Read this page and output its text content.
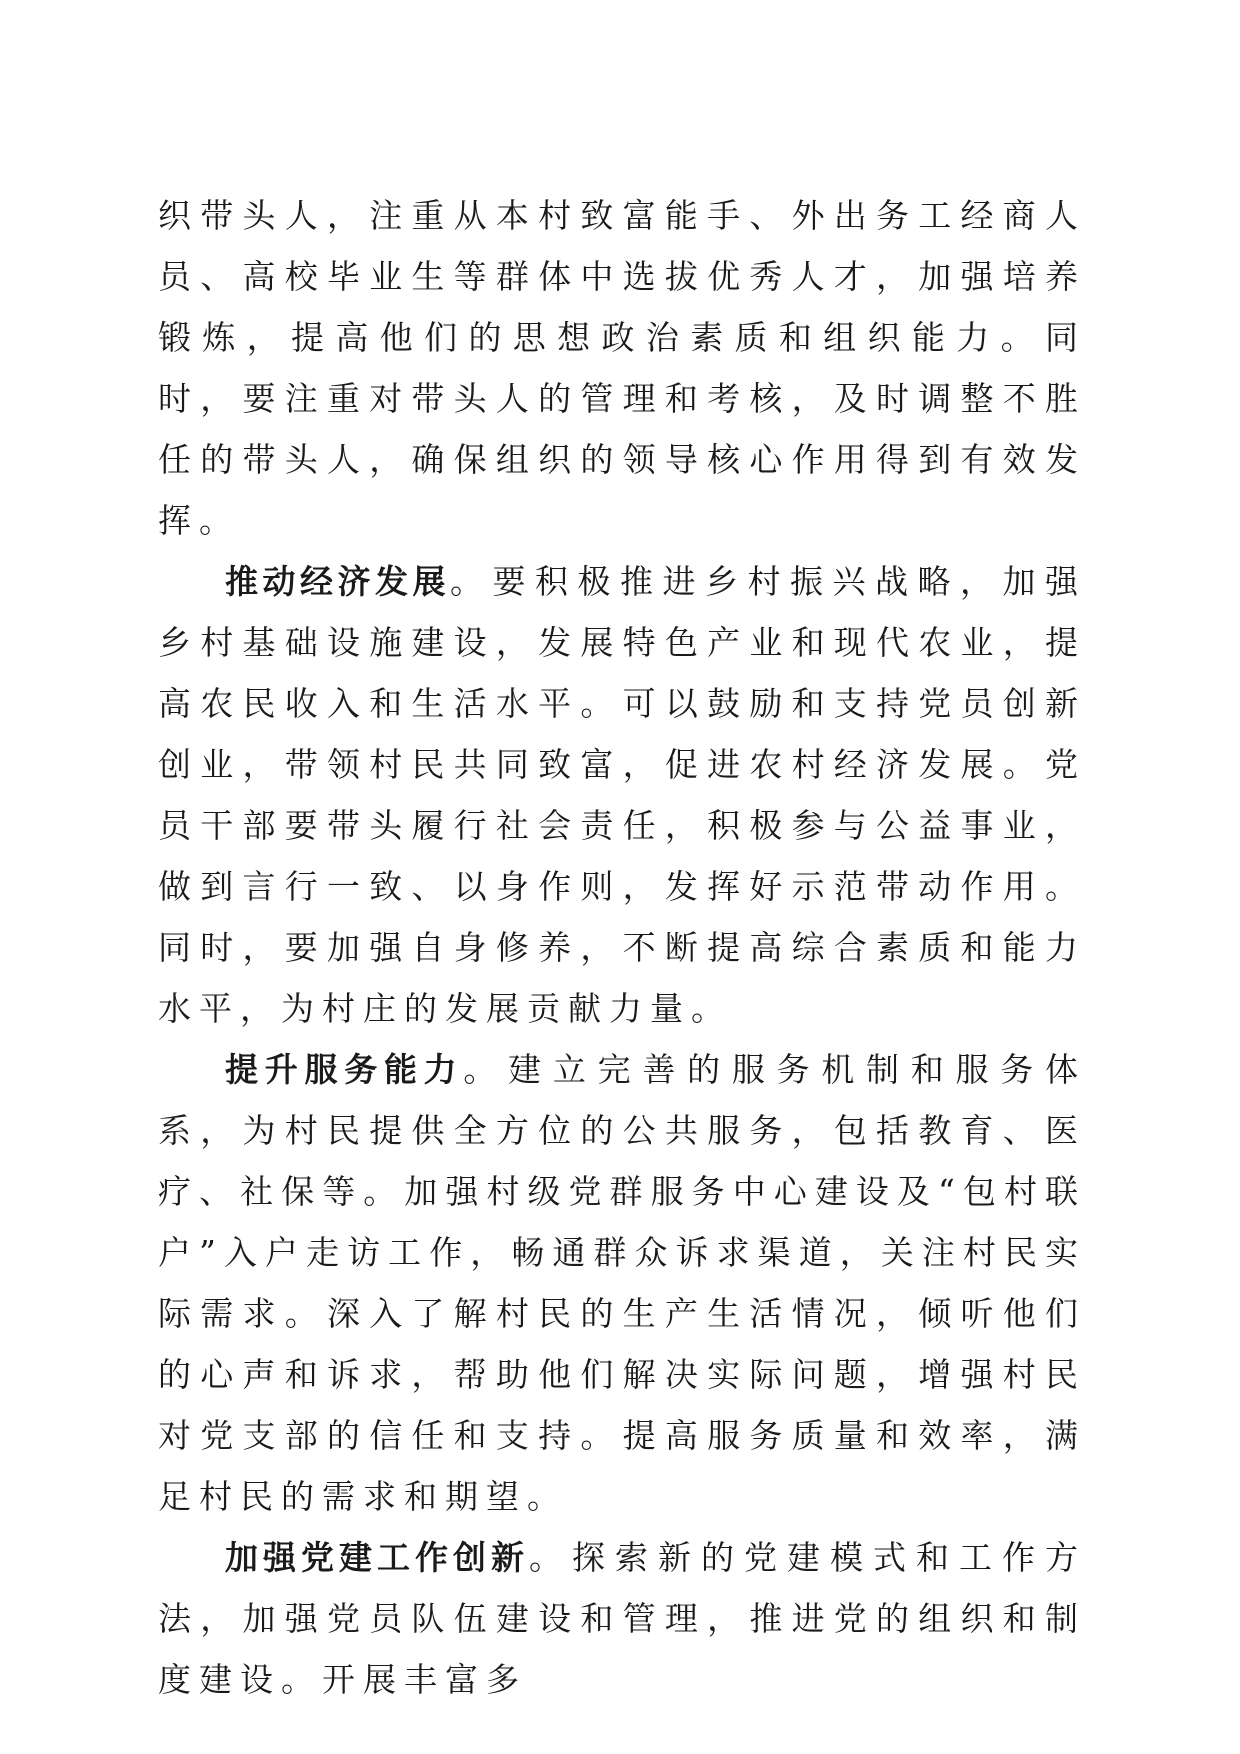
织带头人，注重从本村致富能手、外出务工经商人员、高校毕业生等群体中选拔优秀人才，加强培养锻炼，提高他们的思想政治素质和组织能力。同时，要注重对带头人的管理和考核，及时调整不胜任的带头人，确保组织的领导核心作用得到有效发挥。

推动经济发展。要积极推进乡村振兴战略，加强乡村基础设施建设，发展特色产业和现代农业，提高农民收入和生活水平。可以鼓励和支持党员创新创业，带领村民共同致富，促进农村经济发展。党员干部要带头履行社会责任，积极参与公益事业，做到言行一致、以身作则，发挥好示范带动作用。同时，要加强自身修养，不断提高综合素质和能力水平，为村庄的发展贡献力量。

提升服务能力。建立完善的服务机制和服务体系，为村民提供全方位的公共服务，包括教育、医疗、社保等。加强村级党群服务中心建设及“包村联户”入户走访工作，畅通群众诉求渠道，关注村民实际需求。深入了解村民的生产生活情况，倾听他们的心声和诉求，帮助他们解决实际问题，增强村民对党支部的信任和支持。提高服务质量和效率，满足村民的需求和期望。

加强党建工作创新。探索新的党建模式和工作方法，加强党员队伍建设和管理，推进党的组织和制度建设。开展丰富多
